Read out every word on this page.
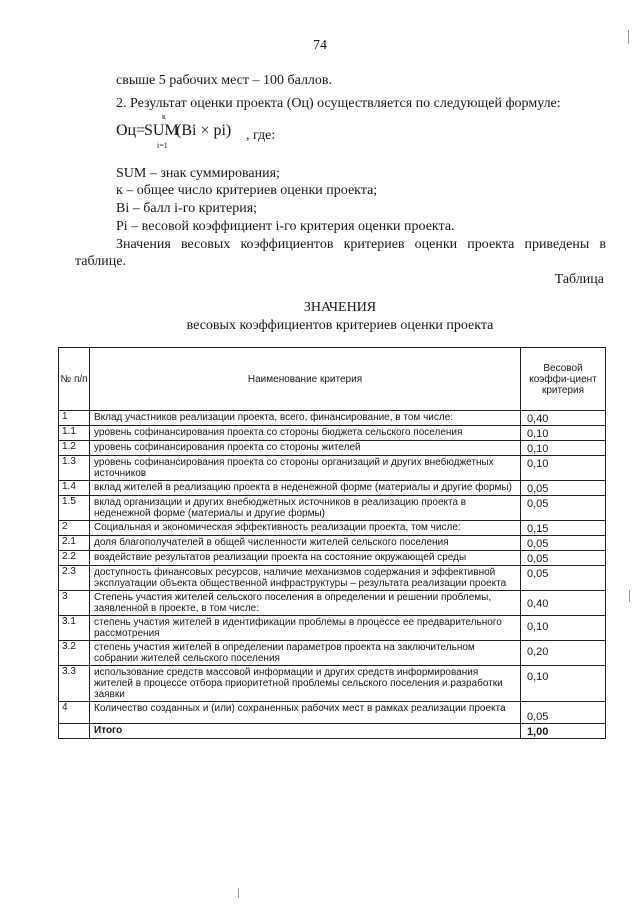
74
свыше 5 рабочих мест – 100 баллов.
2. Результат оценки проекта (Оц) осуществляется по следующей формуле:
Оц=
SUM
к
i=1
(Вi × pi) , где:
SUM – знак суммирования;
к – общее число критериев оценки проекта;
Вi – балл i-го критерия;
Pi – весовой коэффициент i-го критерия оценки проекта.
Значения весовых коэффициентов критериев оценки проекта приведены в
таблице.
Таблица
ЗНАЧЕНИЯ
весовых коэффициентов критериев оценки проекта
№ п/п	Наименование критерия	Весовой коэффи-циент критерия
1	Вклад участников реализации проекта, всего, финансирование, в том числе:	0,40
1.1	уровень софинансирования проекта со стороны бюджета сельского поселения	0,10
1.2	уровень софинансирования проекта со стороны жителей	0,10
1.3	уровень софинансирования проекта со стороны организаций и других внебюджетных источников	0,10
1.4	вклад жителей в реализацию проекта в неденежной форме (материалы и другие формы)	0,05
1.5	вклад организации и других внебюджетных источников в реализацию проекта в неденежной форме (материалы и другие формы)	0,05
2	Социальная и экономическая эффективность реализации проекта, том числе:	0,15
2.1	доля благополучателей в общей численности жителей сельского поселения	0,05
2.2	воздействие результатов реализации проекта на состояние окружающей среды	0,05
2.3	доступность финансовых ресурсов, наличие механизмов содержания и эффективной эксплуатации объекта общественной инфраструктуры – результата реализации проекта	0,05
3	Степень участия жителей сельского поселения в определении и решении проблемы, заявленной в проекте, в том числе:	0,40
3.1	степень участия жителей в идентификации проблемы в процессе ее предварительного рассмотрения	0,10
3.2	степень участия жителей в определении параметров проекта на заключительном собрании жителей сельского поселения	0,20
3.3	использование средств массовой информации и других средств информирования жителей в процессе отбора приоритетной проблемы сельского поселения и разработки заявки	0,10
4	Количество созданных и (или) сохраненных рабочих мест в рамках реализации проекта	0,05
	Итого	1,00
